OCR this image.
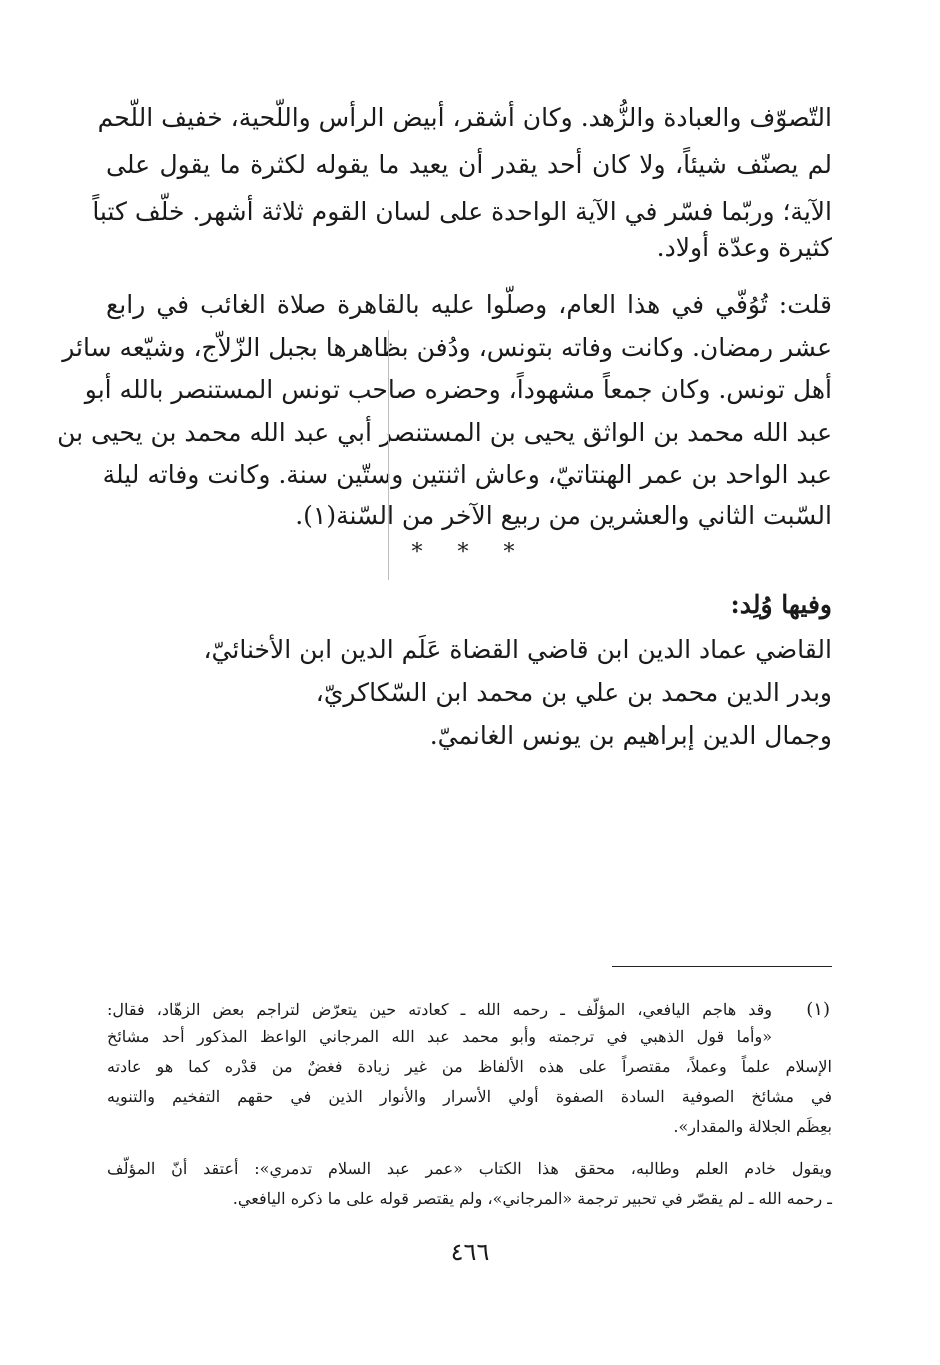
التّصوّف والعبادة والزُّهد. وكان أشقر، أبيض الرأس واللّحية، خفيف اللّحم
لم يصنّف شيئاً، ولا كان أحد يقدر أن يعيد ما يقوله لكثرة ما يقول على
الآية؛ وربّما فسّر في الآية الواحدة على لسان القوم ثلاثة أشهر. خلّف كتباً
كثيرة وعدّة أولاد.
قلت: تُوُفّي في هذا العام، وصلّوا عليه بالقاهرة صلاة الغائب في رابع
عشر رمضان. وكانت وفاته بتونس، ودُفن بظاهرها بجبل الزّلاّج، وشيّعه سائر
أهل تونس. وكان جمعاً مشهوداً، وحضره صاحب تونس المستنصر بالله أبو
عبد الله محمد بن الواثق يحيى بن المستنصر أبي عبد الله محمد بن يحيى بن
عبد الواحد بن عمر الهنتاتيّ، وعاش اثنتين وستّين سنة. وكانت وفاته ليلة
السّبت الثاني والعشرين من ربيع الآخر من السّنة(١).
* * *
وفيها وُلِد:
القاضي عماد الدين ابن قاضي القضاة عَلَم الدين ابن الأخنائيّ،
وبدر الدين محمد بن علي بن محمد ابن السّكاكريّ،
وجمال الدين إبراهيم بن يونس الغانميّ.
(١)
وقد هاجم اليافعي، المؤلّف ـ رحمه الله ـ كعادته حين يتعرّض لتراجم بعض الزهّاد، فقال:
«وأما قول الذهبي في ترجمته وأبو محمد عبد الله المرجاني الواعظ المذكور أحد مشائخ
الإسلام علماً وعملاً، مقتصراً على هذه الألفاظ من غير زيادة فغضٌ من قدْره كما هو عادته
في مشائخ الصوفية السادة الصفوة أولي الأسرار والأنوار الذين في حقهم التفخيم والتنويه
بعِظَم الجلالة والمقدار».
ويقول خادم العلم وطالبه، محقق هذا الكتاب «عمر عبد السلام تدمري»: أعتقد أنّ المؤلّف
ـ رحمه الله ـ لم يقصّر في تحبير ترجمة «المرجاني»، ولم يقتصر قوله على ما ذكره اليافعي.
٤٦٦
